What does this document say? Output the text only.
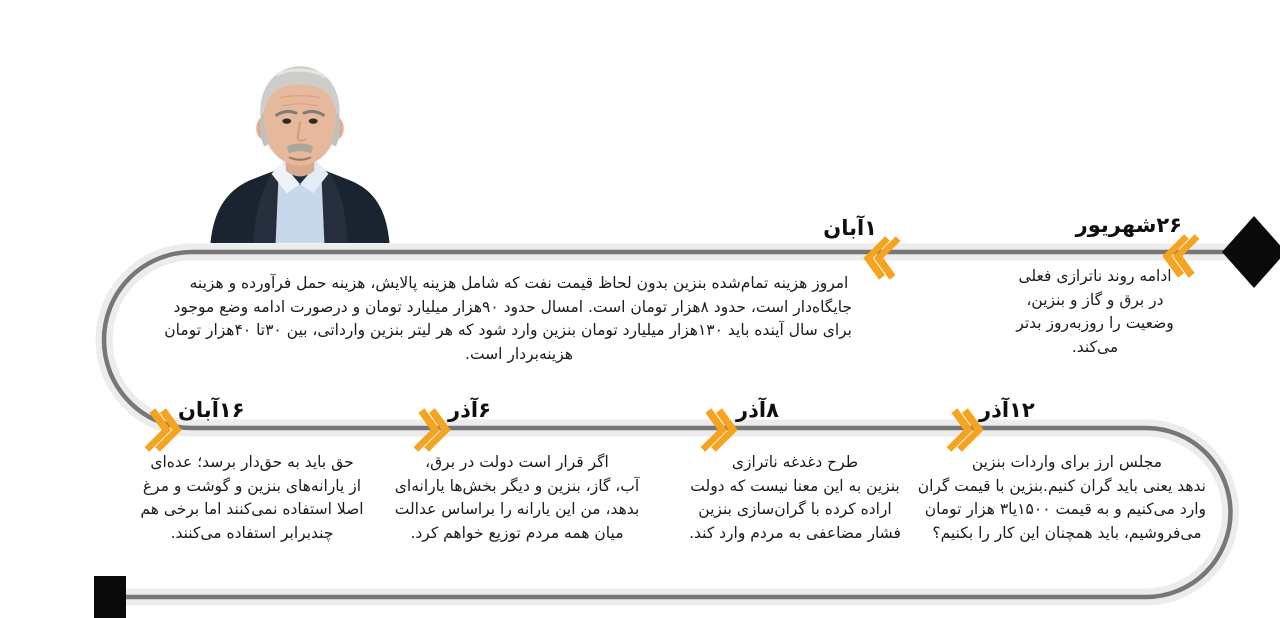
۲۶شهریور
ادامه روند ناترازی فعلی
در برق و گاز و بنزین،
وضعیت را روزبه‌روز بدتر
می‌کند.
۱آبان
امروز هزینه تمام‌شده بنزین بدون لحاظ قیمت نفت که شامل هزینه پالایش، هزینه حمل فرآورده و هزینه
جایگاه‌دار است، حدود ۸هزار تومان است. امسال حدود ۹۰هزار میلیارد تومان و درصورت ادامه وضع موجود
برای سال آینده باید ۱۳۰هزار میلیارد تومان بنزین وارد شود که هر لیتر بنزین وارداتی، بین ۳۰تا ۴۰هزار تومان
هزینه‌بردار است.
۱۶آبان
حق باید به حق‌دار برسد؛ عده‌ای
از یارانه‌های بنزین و گوشت و مرغ
اصلا استفاده نمی‌کنند اما برخی هم
چندبرابر استفاده می‌کنند.
۶آذر
اگر قرار است دولت در برق،
آب، گاز، بنزین و دیگر بخش‌ها یارانه‌ای
بدهد، من این یارانه را براساس عدالت
میان همه مردم توزیع خواهم کرد.
۸آذر
طرح دغدغه ناترازی
بنزین به این معنا نیست که دولت
اراده کرده با گران‌سازی بنزین
فشار مضاعفی به مردم وارد کند.
۱۲آذر
مجلس ارز برای واردات بنزین
ندهد یعنی باید گران کنیم.بنزین با قیمت گران
وارد می‌کنیم و به قیمت ۱۵۰۰یا۳ هزار تومان
می‌فروشیم، باید همچنان این کار را بکنیم؟
